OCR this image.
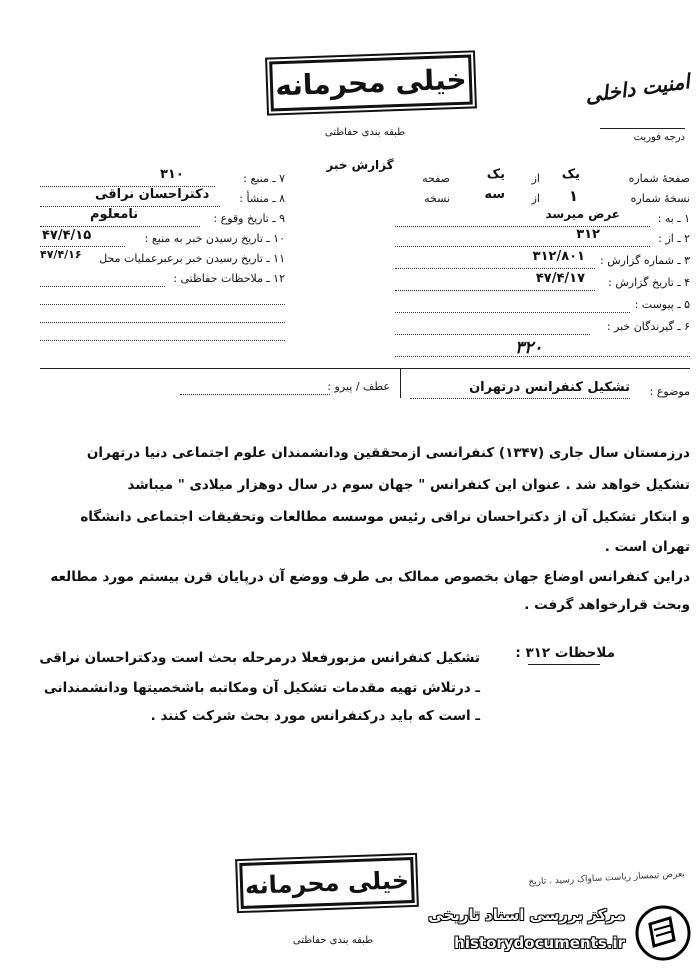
خیلی محرمانه	امنیت داخلی
طبقه بندی حفاظتی	درجه فوریت
گزارش خبر
۷ ـ منبع :
۳۱۰
۸ ـ منشأ :
دکتراحسان نراقی
۹ ـ تاریخ وقوع :
نامعلوم
۱۰ ـ تاریخ رسیدن خبر به منبع :
۴۷/۴/۱۵
۱۱ ـ تاریخ رسیدن خبر برعبرعملیات محل
۴۷/۴/۱۶
۱۲ ـ ملاحظات حفاظتی :
صفحهٔ شماره
یک
از
یک
صفحه
نسخهٔ شماره
۱
از
سه
نسخه
۱ ـ به :
عرض میرسد
۲ ـ از :
۳۱۲
۳ ـ شماره گزارش :
۳۱۲/۸۰۱
۴ ـ تاریخ گزارش :
۴۷/۴/۱۷
۵ ـ پیوست :
۶ ـ گیرندگان خبر :
۳۲۰
موضوع :
تشکیل کنفرانس درتهران
عطف / پیرو :
درزمستان سال جاری (۱۳۴۷) کنفرانسی ازمحققین ودانشمندان علوم اجتماعی دنیا درتهران
تشکیل خواهد شد . عنوان این کنفرانس " جهان سوم در سال دوهزار میلادی " میباشد
و ابتکار تشکیل آن از دکتراحسان نراقی رئیس موسسه مطالعات وتحقیقات اجتماعی دانشگاه
تهران است .
دراین کنفرانس اوضاع جهان بخصوص ممالک بی طرف ووضع آن درپایان قرن بیستم مورد مطالعه
وبحث قرارخواهد گرفت .
ملاحظات ۳۱۲ :
تشکیل کنفرانس مزبورفعلا درمرحله بحث است ودکتراحسان نراقی
ـ درتلاش تهیه مقدمات تشکیل آن ومکاتبه باشخصیتها ودانشمندانی
ـ است که باید درکنفرانس مورد بحث شرکت کنند .
خیلی محرمانه
طبقه بندی حفاظتی
بعرض تیمسار ریاست ساواک رسید . تاریخ
مرکز بررسی اسناد تاریخی
historydocuments.ir
